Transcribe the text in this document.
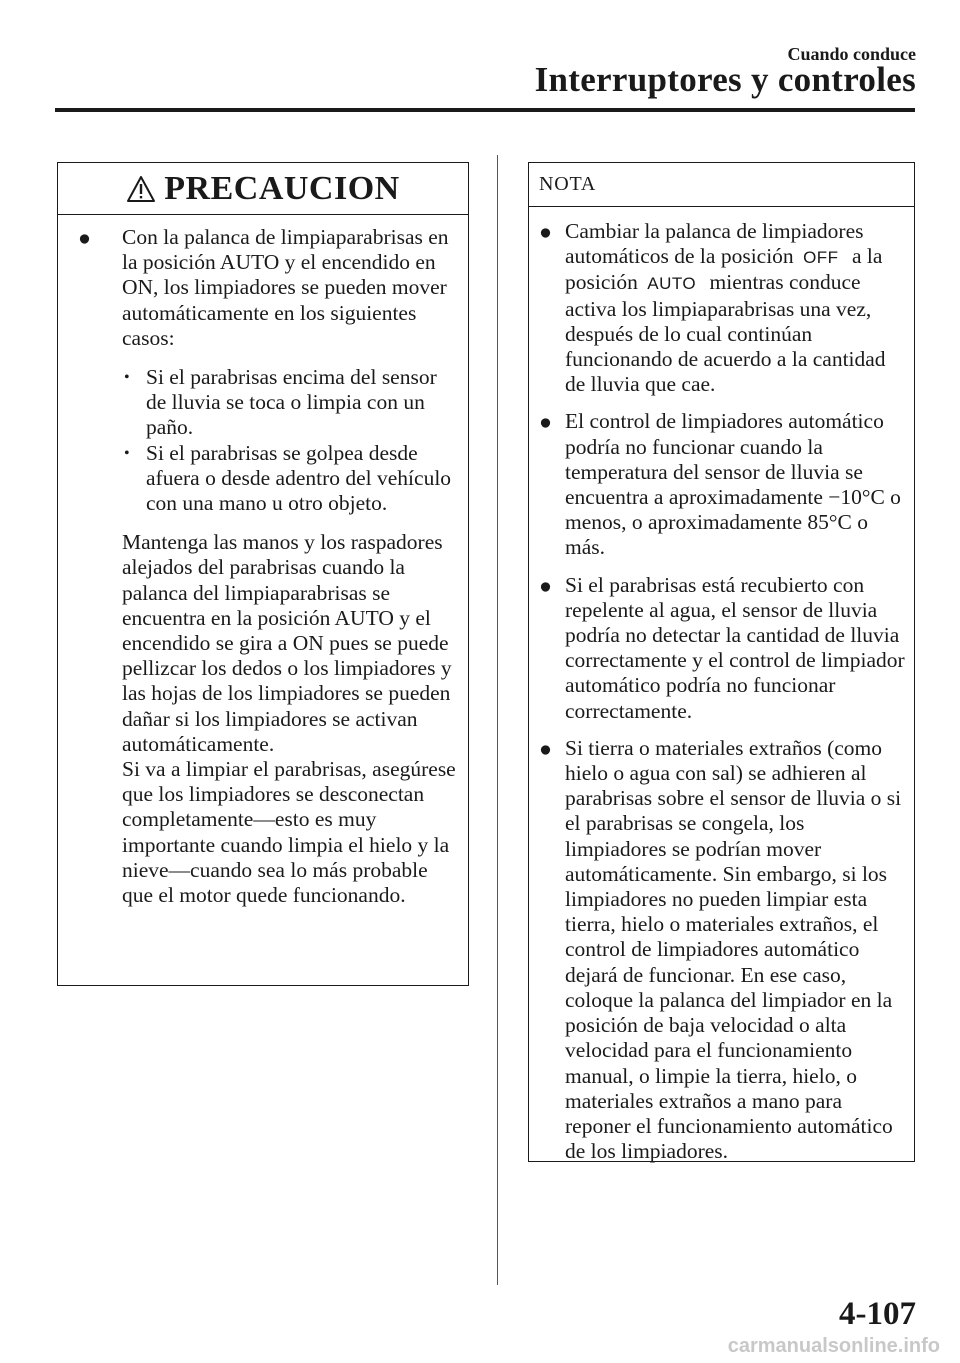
Cuando conduce
Interruptores y controles
PRECAUCION
● Con la palanca de limpiaparabrisas en la posición AUTO y el encendido en ON, los limpiadores se pueden mover automáticamente en los siguientes casos:
• Si el parabrisas encima del sensor de lluvia se toca o limpia con un paño.
• Si el parabrisas se golpea desde afuera o desde adentro del vehículo con una mano u otro objeto.
Mantenga las manos y los raspadores alejados del parabrisas cuando la palanca del limpiaparabrisas se encuentra en la posición AUTO y el encendido se gira a ON pues se puede pellizcar los dedos o los limpiadores y las hojas de los limpiadores se pueden dañar si los limpiadores se activan automáticamente.
Si va a limpiar el parabrisas, asegúrese que los limpiadores se desconectan completamente―esto es muy importante cuando limpia el hielo y la nieve―cuando sea lo más probable que el motor quede funcionando.
NOTA
● Cambiar la palanca de limpiadores automáticos de la posición OFF a la posición AUTO mientras conduce activa los limpiaparabrisas una vez, después de lo cual continúan funcionando de acuerdo a la cantidad de lluvia que cae.
● El control de limpiadores automático podría no funcionar cuando la temperatura del sensor de lluvia se encuentra a aproximadamente −10°C o menos, o aproximadamente 85°C o más.
● Si el parabrisas está recubierto con repelente al agua, el sensor de lluvia podría no detectar la cantidad de lluvia correctamente y el control de limpiador automático podría no funcionar correctamente.
● Si tierra o materiales extraños (como hielo o agua con sal) se adhieren al parabrisas sobre el sensor de lluvia o si el parabrisas se congela, los limpiadores se podrían mover automáticamente. Sin embargo, si los limpiadores no pueden limpiar esta tierra, hielo o materiales extraños, el control de limpiadores automático dejará de funcionar. En ese caso, coloque la palanca del limpiador en la posición de baja velocidad o alta velocidad para el funcionamiento manual, o limpie la tierra, hielo, o materiales extraños a mano para reponer el funcionamiento automático de los limpiadores.
4-107
carmanualsonline.info
